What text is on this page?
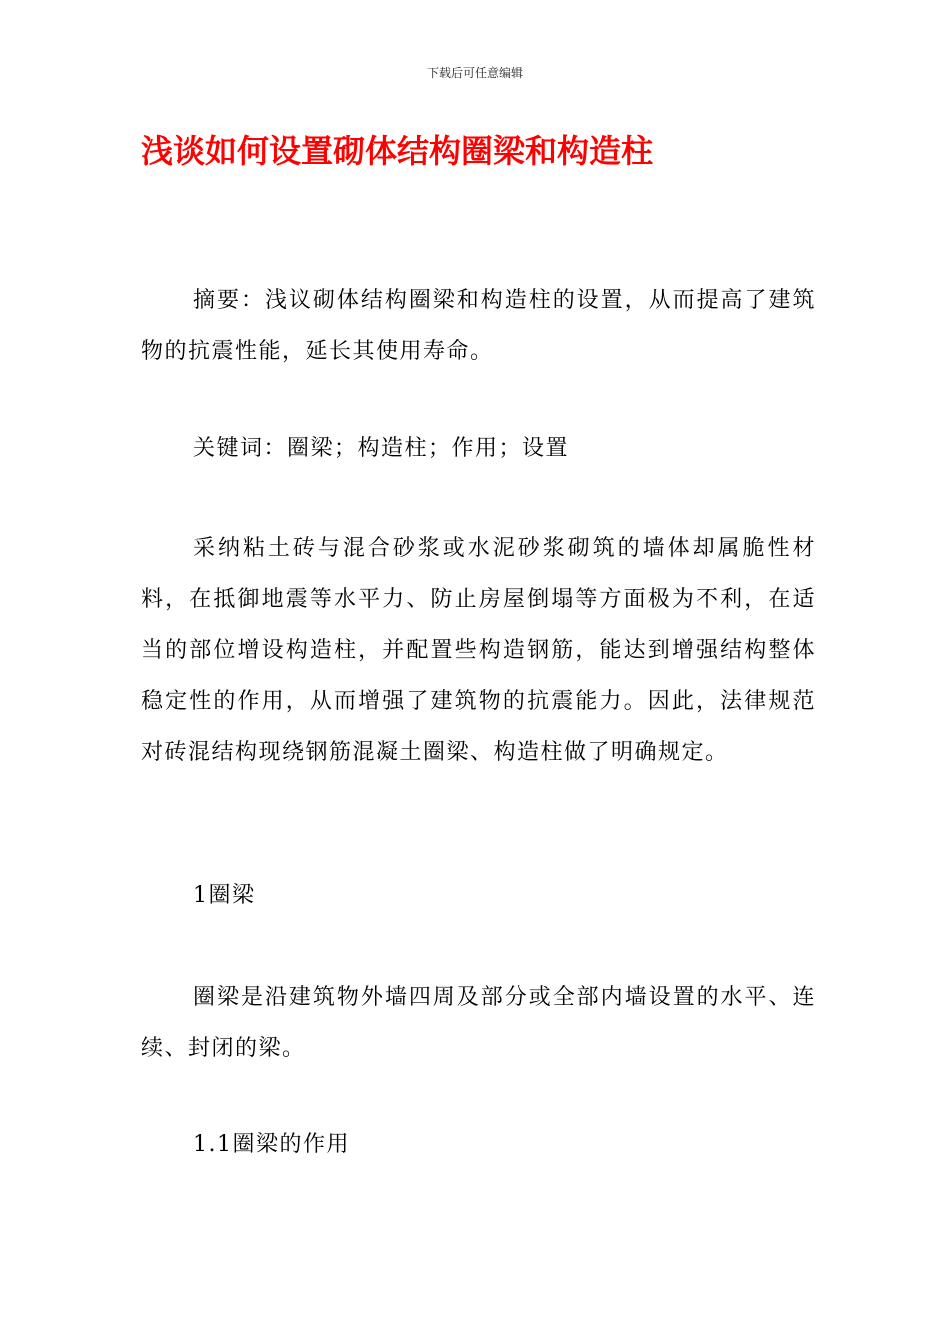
下载后可任意编辑
浅谈如何设置砌体结构圈梁和构造柱

摘要：浅议砌体结构圈梁和构造柱的设置，从而提高了建筑物的抗震性能，延长其使用寿命。

关键词：圈梁；构造柱；作用；设置

采纳粘土砖与混合砂浆或水泥砂浆砌筑的墙体却属脆性材料，在抵御地震等水平力、防止房屋倒塌等方面极为不利，在适当的部位增设构造柱，并配置些构造钢筋，能达到增强结构整体稳定性的作用，从而增强了建筑物的抗震能力。因此，法律规范对砖混结构现绕钢筋混凝土圈梁、构造柱做了明确规定。

1圈梁

圈梁是沿建筑物外墙四周及部分或全部内墙设置的水平、连续、封闭的梁。

1.1圈梁的作用
